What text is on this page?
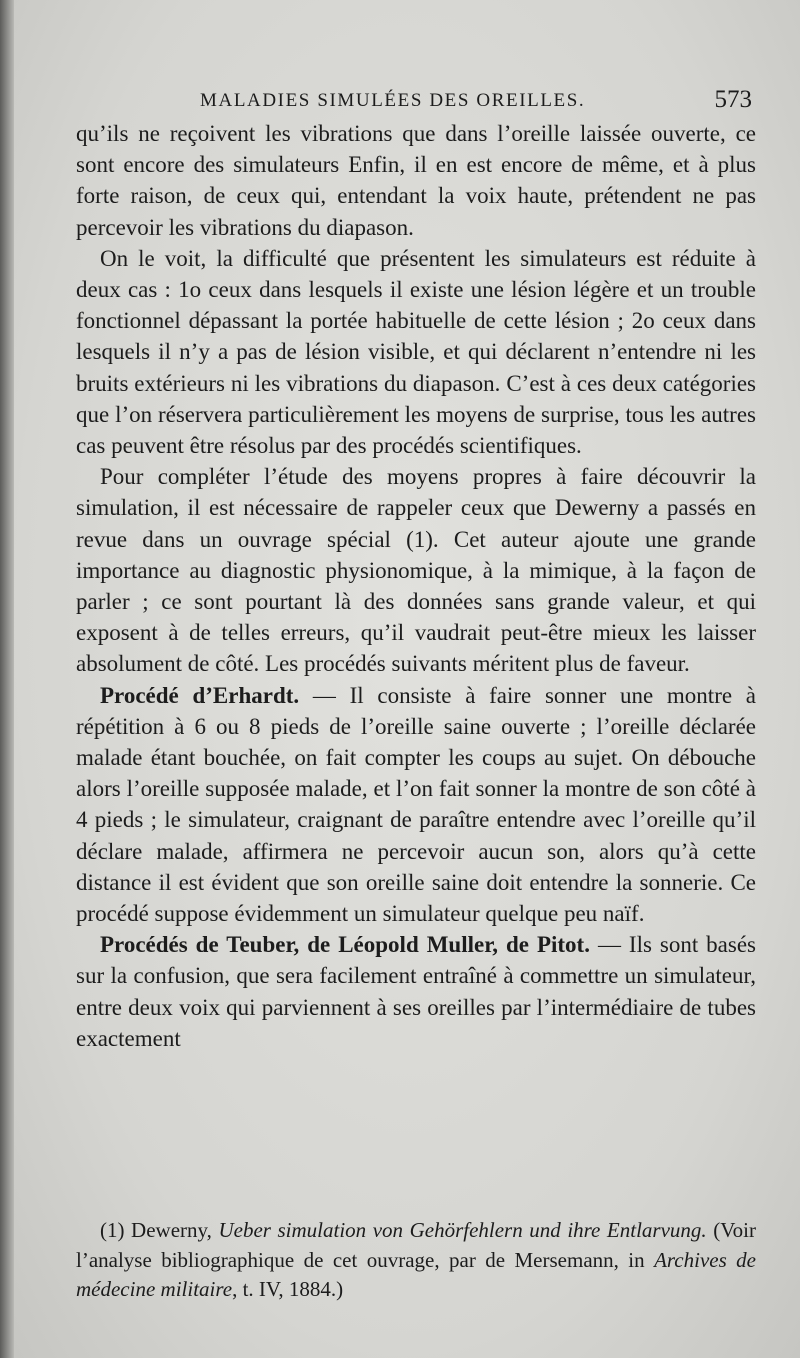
MALADIES SIMULÉES DES OREILLES.	573

qu’ils ne reçoivent les vibrations que dans l’oreille laissée ouverte, ce sont encore des simulateurs Enfin, il en est encore de même, et à plus forte raison, de ceux qui, entendant la voix haute, prétendent ne pas percevoir les vibrations du diapason.

On le voit, la difficulté que présentent les simulateurs est réduite à deux cas : 1o ceux dans lesquels il existe une lésion légère et un trouble fonctionnel dépassant la portée habituelle de cette lésion ; 2o ceux dans lesquels il n’y a pas de lésion visible, et qui déclarent n’entendre ni les bruits extérieurs ni les vibrations du diapason. C’est à ces deux catégories que l’on réservera particulièrement les moyens de surprise, tous les autres cas peuvent être résolus par des procédés scientifiques.

Pour compléter l’étude des moyens propres à faire découvrir la simulation, il est nécessaire de rappeler ceux que Dewerny a passés en revue dans un ouvrage spécial (1). Cet auteur ajoute une grande importance au diagnostic physionomique, à la mimique, à la façon de parler ; ce sont pourtant là des données sans grande valeur, et qui exposent à de telles erreurs, qu’il vaudrait peut-être mieux les laisser absolument de côté. Les procédés suivants méritent plus de faveur.

Procédé d’Erhardt. — Il consiste à faire sonner une montre à répétition à 6 ou 8 pieds de l’oreille saine ouverte ; l’oreille déclarée malade étant bouchée, on fait compter les coups au sujet. On débouche alors l’oreille supposée malade, et l’on fait sonner la montre de son côté à 4 pieds ; le simulateur, craignant de paraître entendre avec l’oreille qu’il déclare malade, affirmera ne percevoir aucun son, alors qu’à cette distance il est évident que son oreille saine doit entendre la sonnerie. Ce procédé suppose évidemment un simulateur quelque peu naïf.

Procédés de Teuber, de Léopold Muller, de Pitot. — Ils sont basés sur la confusion, que sera facilement entraîné à commettre un simulateur, entre deux voix qui parviennent à ses oreilles par l’intermédiaire de tubes exactement

(1) Dewerny, Ueber simulation von Gehörfehlern und ihre Entlarvung. (Voir l’analyse bibliographique de cet ouvrage, par de Mersemann, in Archives de médecine militaire, t. IV, 1884.)
